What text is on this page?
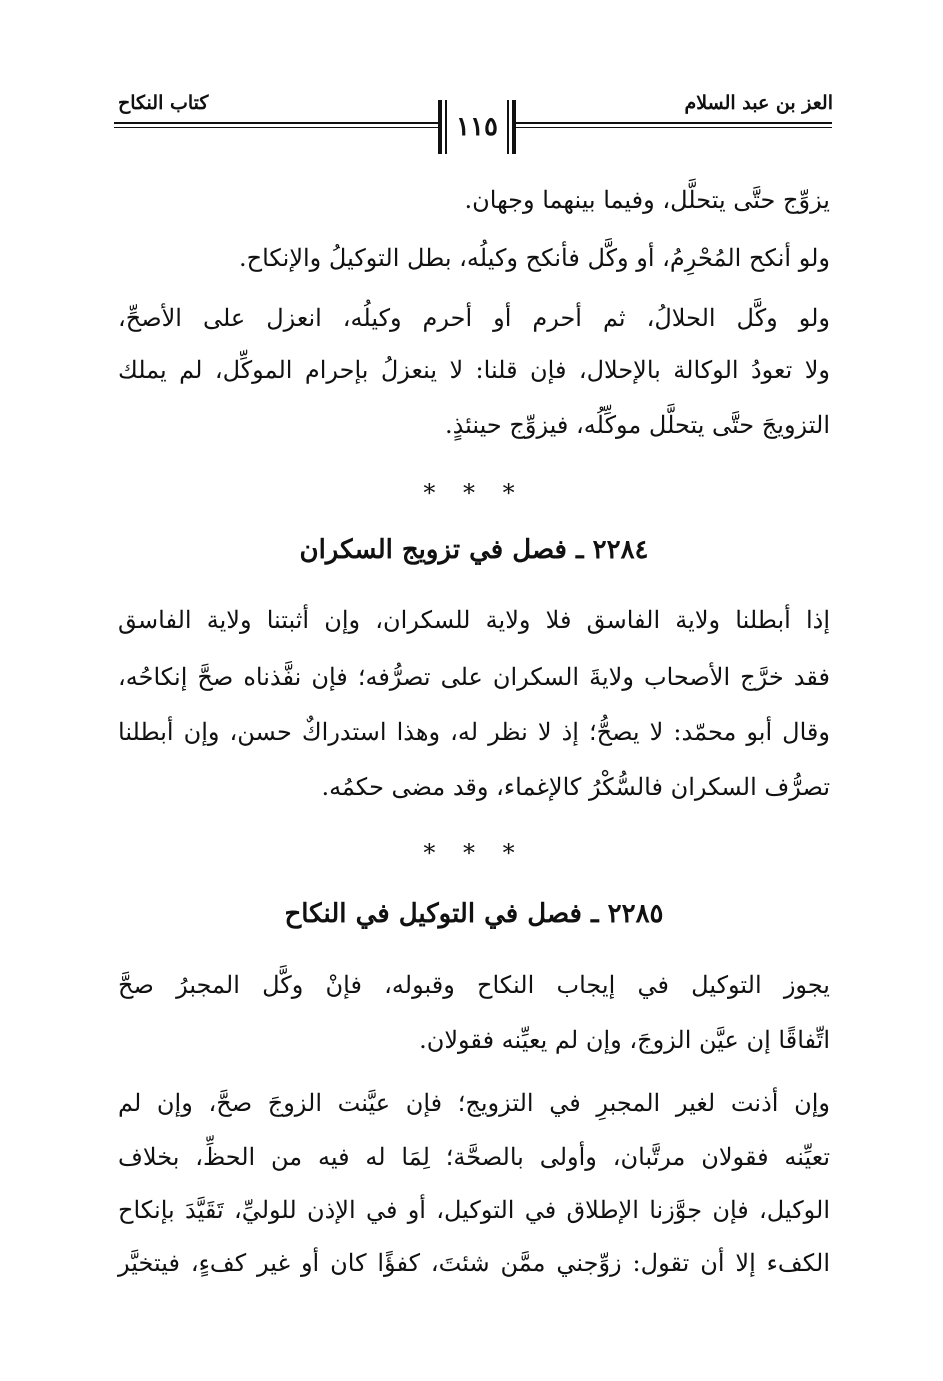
كتاب النكاح	العز بن عبد السلام
١١٥
يزوِّج حتَّى يتحلَّل، وفيما بينهما وجهان.
ولو أنكح المُحْرِمُ، أو وكَّل فأنكح وكيلُه، بطل التوكيلُ والإنكاح.
ولو وكَّل الحلالُ، ثم أحرم أو أحرم وكيلُه، انعزل على الأصحِّ،
ولا تعودُ الوكالة بالإحلال، فإن قلنا: لا ينعزلُ بإحرام الموكِّل، لم يملك
التزويجَ حتَّى يتحلَّل موكِّلُه، فيزوِّج حينئذٍ.
* * *
٢٢٨٤ ـ فصل في تزويج السكران
إذا أبطلنا ولاية الفاسق فلا ولاية للسكران، وإن أثبتنا ولاية الفاسق
فقد خرَّج الأصحاب ولايةَ السكران على تصرُّفه؛ فإن نفَّذناه صحَّ إنكاحُه،
وقال أبو محمّد: لا يصحُّ؛ إذ لا نظر له، وهذا استدراكٌ حسن، وإن أبطلنا
تصرُّف السكران فالسُّكْرُ كالإغماء، وقد مضى حكمُه.
* * *
٢٢٨٥ ـ فصل في التوكيل في النكاح
يجوز التوكيل في إيجاب النكاح وقبوله، فإنْ وكَّل المجبرُ صحَّ
اتِّفاقًا إن عيَّن الزوجَ، وإن لم يعيِّنه فقولان.
وإن أذنت لغير المجبرِ في التزويج؛ فإن عيَّنت الزوجَ صحَّ، وإن لم
تعيِّنه فقولان مرتَّبان، وأولى بالصحَّة؛ لِمَا له فيه من الحظِّ، بخلاف
الوكيل، فإن جوَّزنا الإطلاق في التوكيل، أو في الإذن للوليِّ، تَقَيَّدَ بإنكاح
الكفء إلا أن تقول: زوِّجني ممَّن شئتَ، كفؤًا كان أو غير كفءٍ، فيتخيَّر
